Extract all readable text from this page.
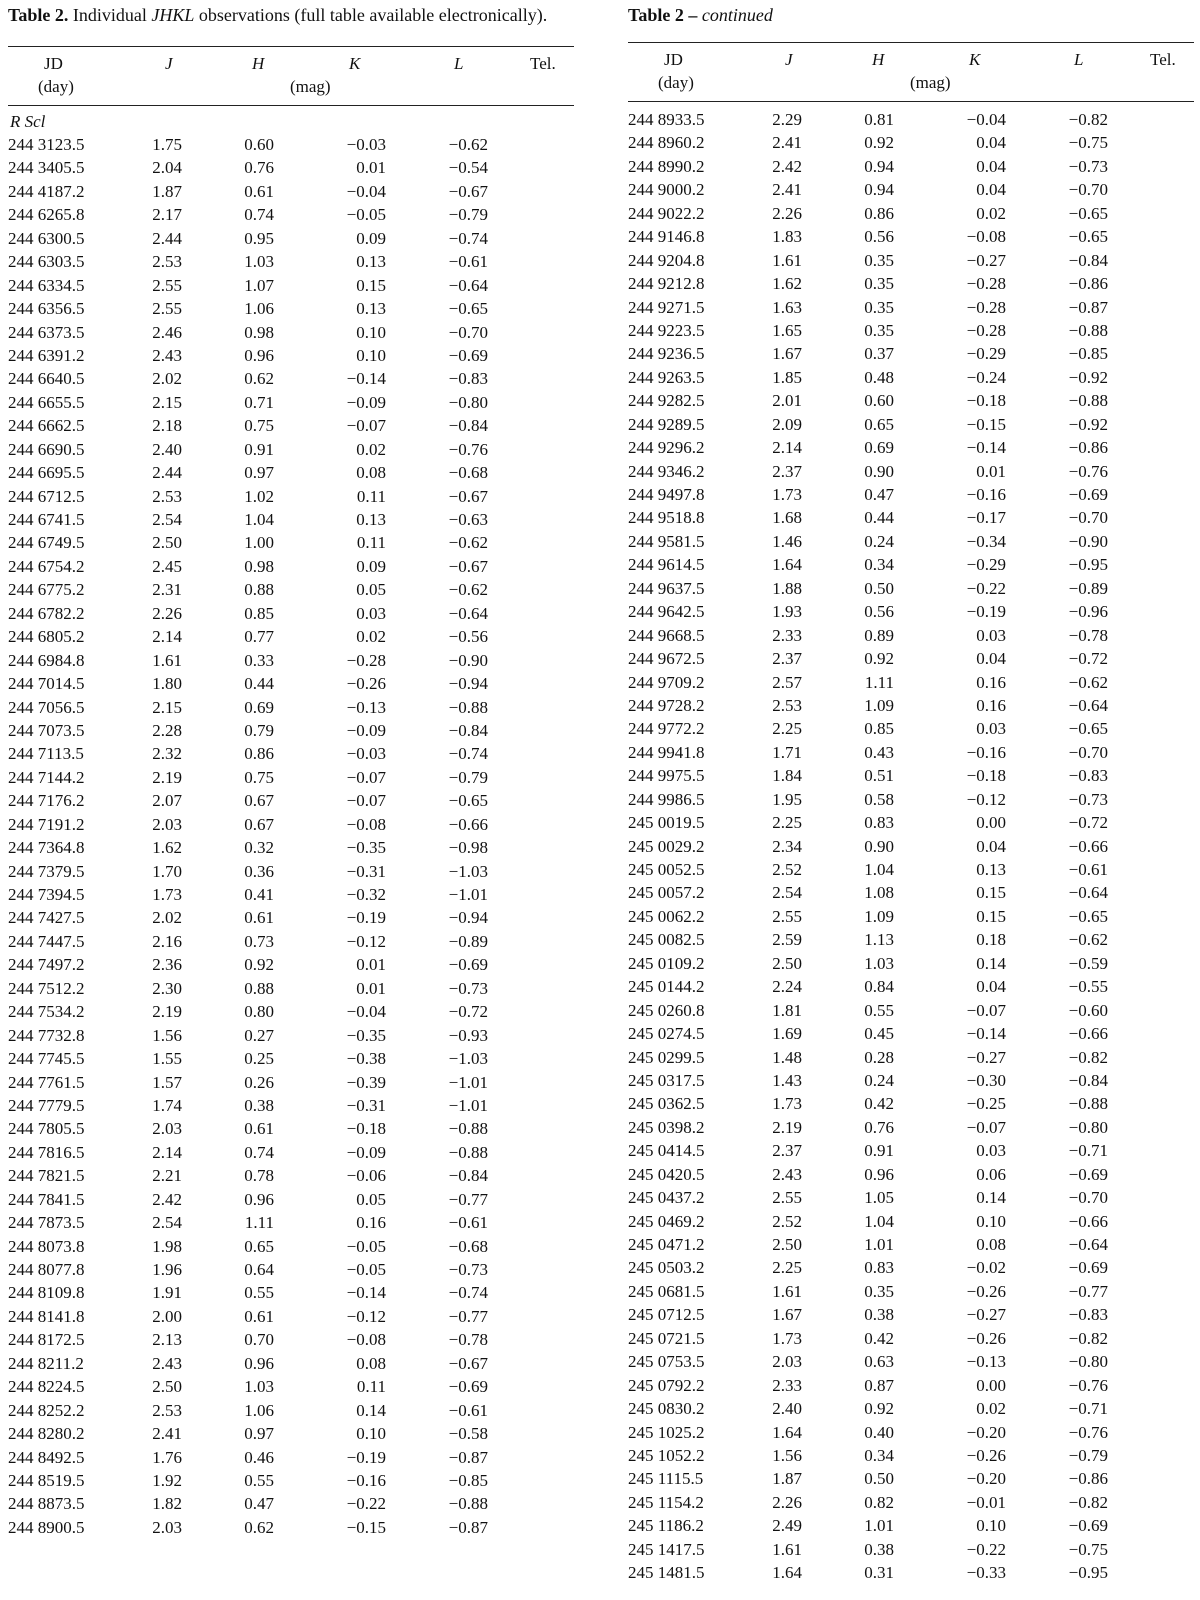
Table 2. Individual JHKL observations (full table available electronically).
JD
(day)
J	H	K	L	Tel.
(mag)
R Scl
244 3123.5	1.75	0.60	−0.03	−0.62
244 3405.5	2.04	0.76	0.01	−0.54
244 4187.2	1.87	0.61	−0.04	−0.67
244 6265.8	2.17	0.74	−0.05	−0.79
244 6300.5	2.44	0.95	0.09	−0.74
244 6303.5	2.53	1.03	0.13	−0.61
244 6334.5	2.55	1.07	0.15	−0.64
244 6356.5	2.55	1.06	0.13	−0.65
244 6373.5	2.46	0.98	0.10	−0.70
244 6391.2	2.43	0.96	0.10	−0.69
244 6640.5	2.02	0.62	−0.14	−0.83
244 6655.5	2.15	0.71	−0.09	−0.80
244 6662.5	2.18	0.75	−0.07	−0.84
244 6690.5	2.40	0.91	0.02	−0.76
244 6695.5	2.44	0.97	0.08	−0.68
244 6712.5	2.53	1.02	0.11	−0.67
244 6741.5	2.54	1.04	0.13	−0.63
244 6749.5	2.50	1.00	0.11	−0.62
244 6754.2	2.45	0.98	0.09	−0.67
244 6775.2	2.31	0.88	0.05	−0.62
244 6782.2	2.26	0.85	0.03	−0.64
244 6805.2	2.14	0.77	0.02	−0.56
244 6984.8	1.61	0.33	−0.28	−0.90
244 7014.5	1.80	0.44	−0.26	−0.94
244 7056.5	2.15	0.69	−0.13	−0.88
244 7073.5	2.28	0.79	−0.09	−0.84
244 7113.5	2.32	0.86	−0.03	−0.74
244 7144.2	2.19	0.75	−0.07	−0.79
244 7176.2	2.07	0.67	−0.07	−0.65
244 7191.2	2.03	0.67	−0.08	−0.66
244 7364.8	1.62	0.32	−0.35	−0.98
244 7379.5	1.70	0.36	−0.31	−1.03
244 7394.5	1.73	0.41	−0.32	−1.01
244 7427.5	2.02	0.61	−0.19	−0.94
244 7447.5	2.16	0.73	−0.12	−0.89
244 7497.2	2.36	0.92	0.01	−0.69
244 7512.2	2.30	0.88	0.01	−0.73
244 7534.2	2.19	0.80	−0.04	−0.72
244 7732.8	1.56	0.27	−0.35	−0.93
244 7745.5	1.55	0.25	−0.38	−1.03
244 7761.5	1.57	0.26	−0.39	−1.01
244 7779.5	1.74	0.38	−0.31	−1.01
244 7805.5	2.03	0.61	−0.18	−0.88
244 7816.5	2.14	0.74	−0.09	−0.88
244 7821.5	2.21	0.78	−0.06	−0.84
244 7841.5	2.42	0.96	0.05	−0.77
244 7873.5	2.54	1.11	0.16	−0.61
244 8073.8	1.98	0.65	−0.05	−0.68
244 8077.8	1.96	0.64	−0.05	−0.73
244 8109.8	1.91	0.55	−0.14	−0.74
244 8141.8	2.00	0.61	−0.12	−0.77
244 8172.5	2.13	0.70	−0.08	−0.78
244 8211.2	2.43	0.96	0.08	−0.67
244 8224.5	2.50	1.03	0.11	−0.69
244 8252.2	2.53	1.06	0.14	−0.61
244 8280.2	2.41	0.97	0.10	−0.58
244 8492.5	1.76	0.46	−0.19	−0.87
244 8519.5	1.92	0.55	−0.16	−0.85
244 8873.5	1.82	0.47	−0.22	−0.88
244 8900.5	2.03	0.62	−0.15	−0.87
Table 2 – continued
JD
(day)
J	H	K	L	Tel.
(mag)
244 8933.5	2.29	0.81	−0.04	−0.82
244 8960.2	2.41	0.92	0.04	−0.75
244 8990.2	2.42	0.94	0.04	−0.73
244 9000.2	2.41	0.94	0.04	−0.70
244 9022.2	2.26	0.86	0.02	−0.65
244 9146.8	1.83	0.56	−0.08	−0.65
244 9204.8	1.61	0.35	−0.27	−0.84
244 9212.8	1.62	0.35	−0.28	−0.86
244 9271.5	1.63	0.35	−0.28	−0.87
244 9223.5	1.65	0.35	−0.28	−0.88
244 9236.5	1.67	0.37	−0.29	−0.85
244 9263.5	1.85	0.48	−0.24	−0.92
244 9282.5	2.01	0.60	−0.18	−0.88
244 9289.5	2.09	0.65	−0.15	−0.92
244 9296.2	2.14	0.69	−0.14	−0.86
244 9346.2	2.37	0.90	0.01	−0.76
244 9497.8	1.73	0.47	−0.16	−0.69
244 9518.8	1.68	0.44	−0.17	−0.70
244 9581.5	1.46	0.24	−0.34	−0.90
244 9614.5	1.64	0.34	−0.29	−0.95
244 9637.5	1.88	0.50	−0.22	−0.89
244 9642.5	1.93	0.56	−0.19	−0.96
244 9668.5	2.33	0.89	0.03	−0.78
244 9672.5	2.37	0.92	0.04	−0.72
244 9709.2	2.57	1.11	0.16	−0.62
244 9728.2	2.53	1.09	0.16	−0.64
244 9772.2	2.25	0.85	0.03	−0.65
244 9941.8	1.71	0.43	−0.16	−0.70
244 9975.5	1.84	0.51	−0.18	−0.83
244 9986.5	1.95	0.58	−0.12	−0.73
245 0019.5	2.25	0.83	0.00	−0.72
245 0029.2	2.34	0.90	0.04	−0.66
245 0052.5	2.52	1.04	0.13	−0.61
245 0057.2	2.54	1.08	0.15	−0.64
245 0062.2	2.55	1.09	0.15	−0.65
245 0082.5	2.59	1.13	0.18	−0.62
245 0109.2	2.50	1.03	0.14	−0.59
245 0144.2	2.24	0.84	0.04	−0.55
245 0260.8	1.81	0.55	−0.07	−0.60
245 0274.5	1.69	0.45	−0.14	−0.66
245 0299.5	1.48	0.28	−0.27	−0.82
245 0317.5	1.43	0.24	−0.30	−0.84
245 0362.5	1.73	0.42	−0.25	−0.88
245 0398.2	2.19	0.76	−0.07	−0.80
245 0414.5	2.37	0.91	0.03	−0.71
245 0420.5	2.43	0.96	0.06	−0.69
245 0437.2	2.55	1.05	0.14	−0.70
245 0469.2	2.52	1.04	0.10	−0.66
245 0471.2	2.50	1.01	0.08	−0.64
245 0503.2	2.25	0.83	−0.02	−0.69
245 0681.5	1.61	0.35	−0.26	−0.77
245 0712.5	1.67	0.38	−0.27	−0.83
245 0721.5	1.73	0.42	−0.26	−0.82
245 0753.5	2.03	0.63	−0.13	−0.80
245 0792.2	2.33	0.87	0.00	−0.76
245 0830.2	2.40	0.92	0.02	−0.71
245 1025.2	1.64	0.40	−0.20	−0.76
245 1052.2	1.56	0.34	−0.26	−0.79
245 1115.5	1.87	0.50	−0.20	−0.86
245 1154.2	2.26	0.82	−0.01	−0.82
245 1186.2	2.49	1.01	0.10	−0.69
245 1417.5	1.61	0.38	−0.22	−0.75
245 1481.5	1.64	0.31	−0.33	−0.95
